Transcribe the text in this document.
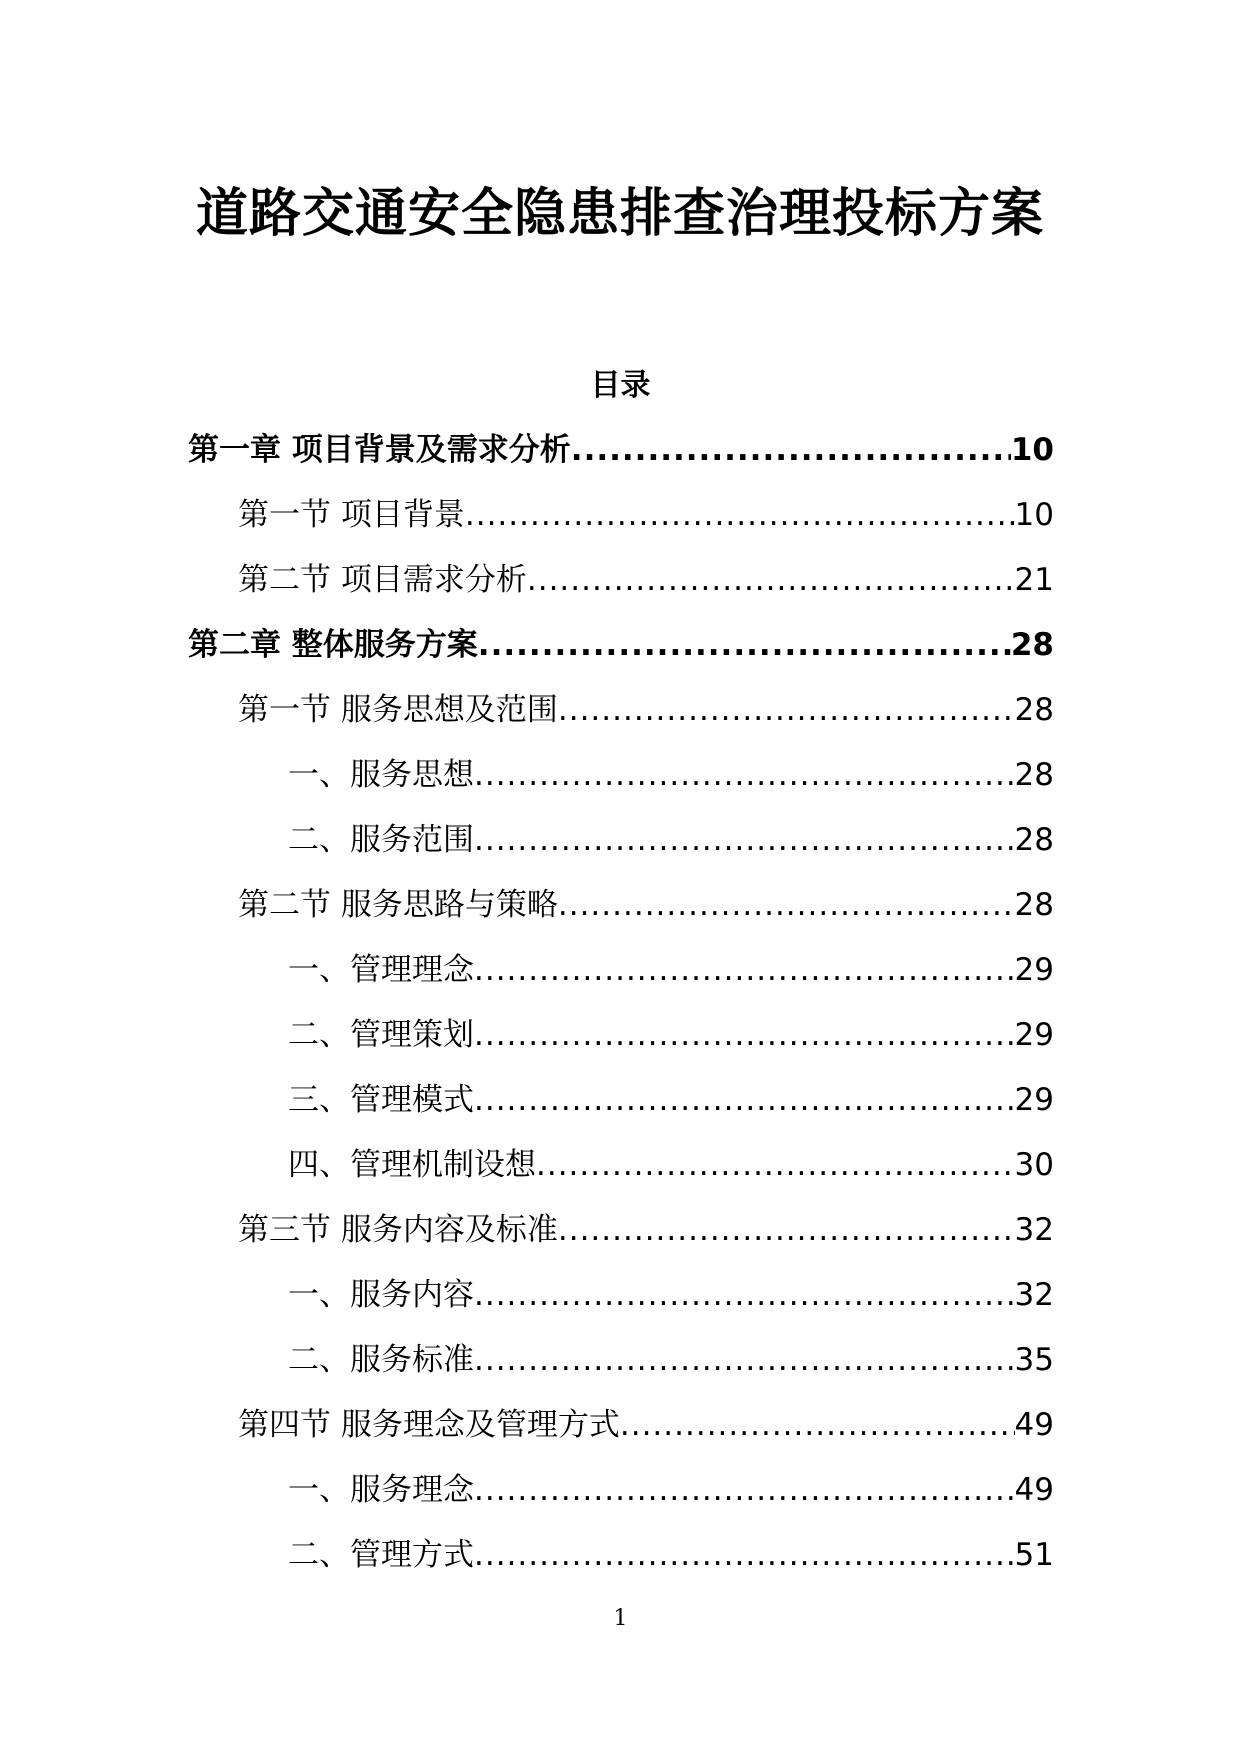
道路交通安全隐患排查治理投标方案
目录
第一章 项目背景及需求分析 .....	10
第一节 项目背景 .....	10
第二节 项目需求分析 .....	21
第二章 整体服务方案 .....	28
第一节 服务思想及范围 .....	28
一、服务思想 .....	28
二、服务范围 .....	28
第二节 服务思路与策略 .....	28
一、管理理念 .....	29
二、管理策划 .....	29
三、管理模式 .....	29
四、管理机制设想 .....	30
第三节 服务内容及标准 .....	32
一、服务内容 .....	32
二、服务标准 .....	35
第四节 服务理念及管理方式 .....	49
一、服务理念 .....	49
二、管理方式 .....	51
1
